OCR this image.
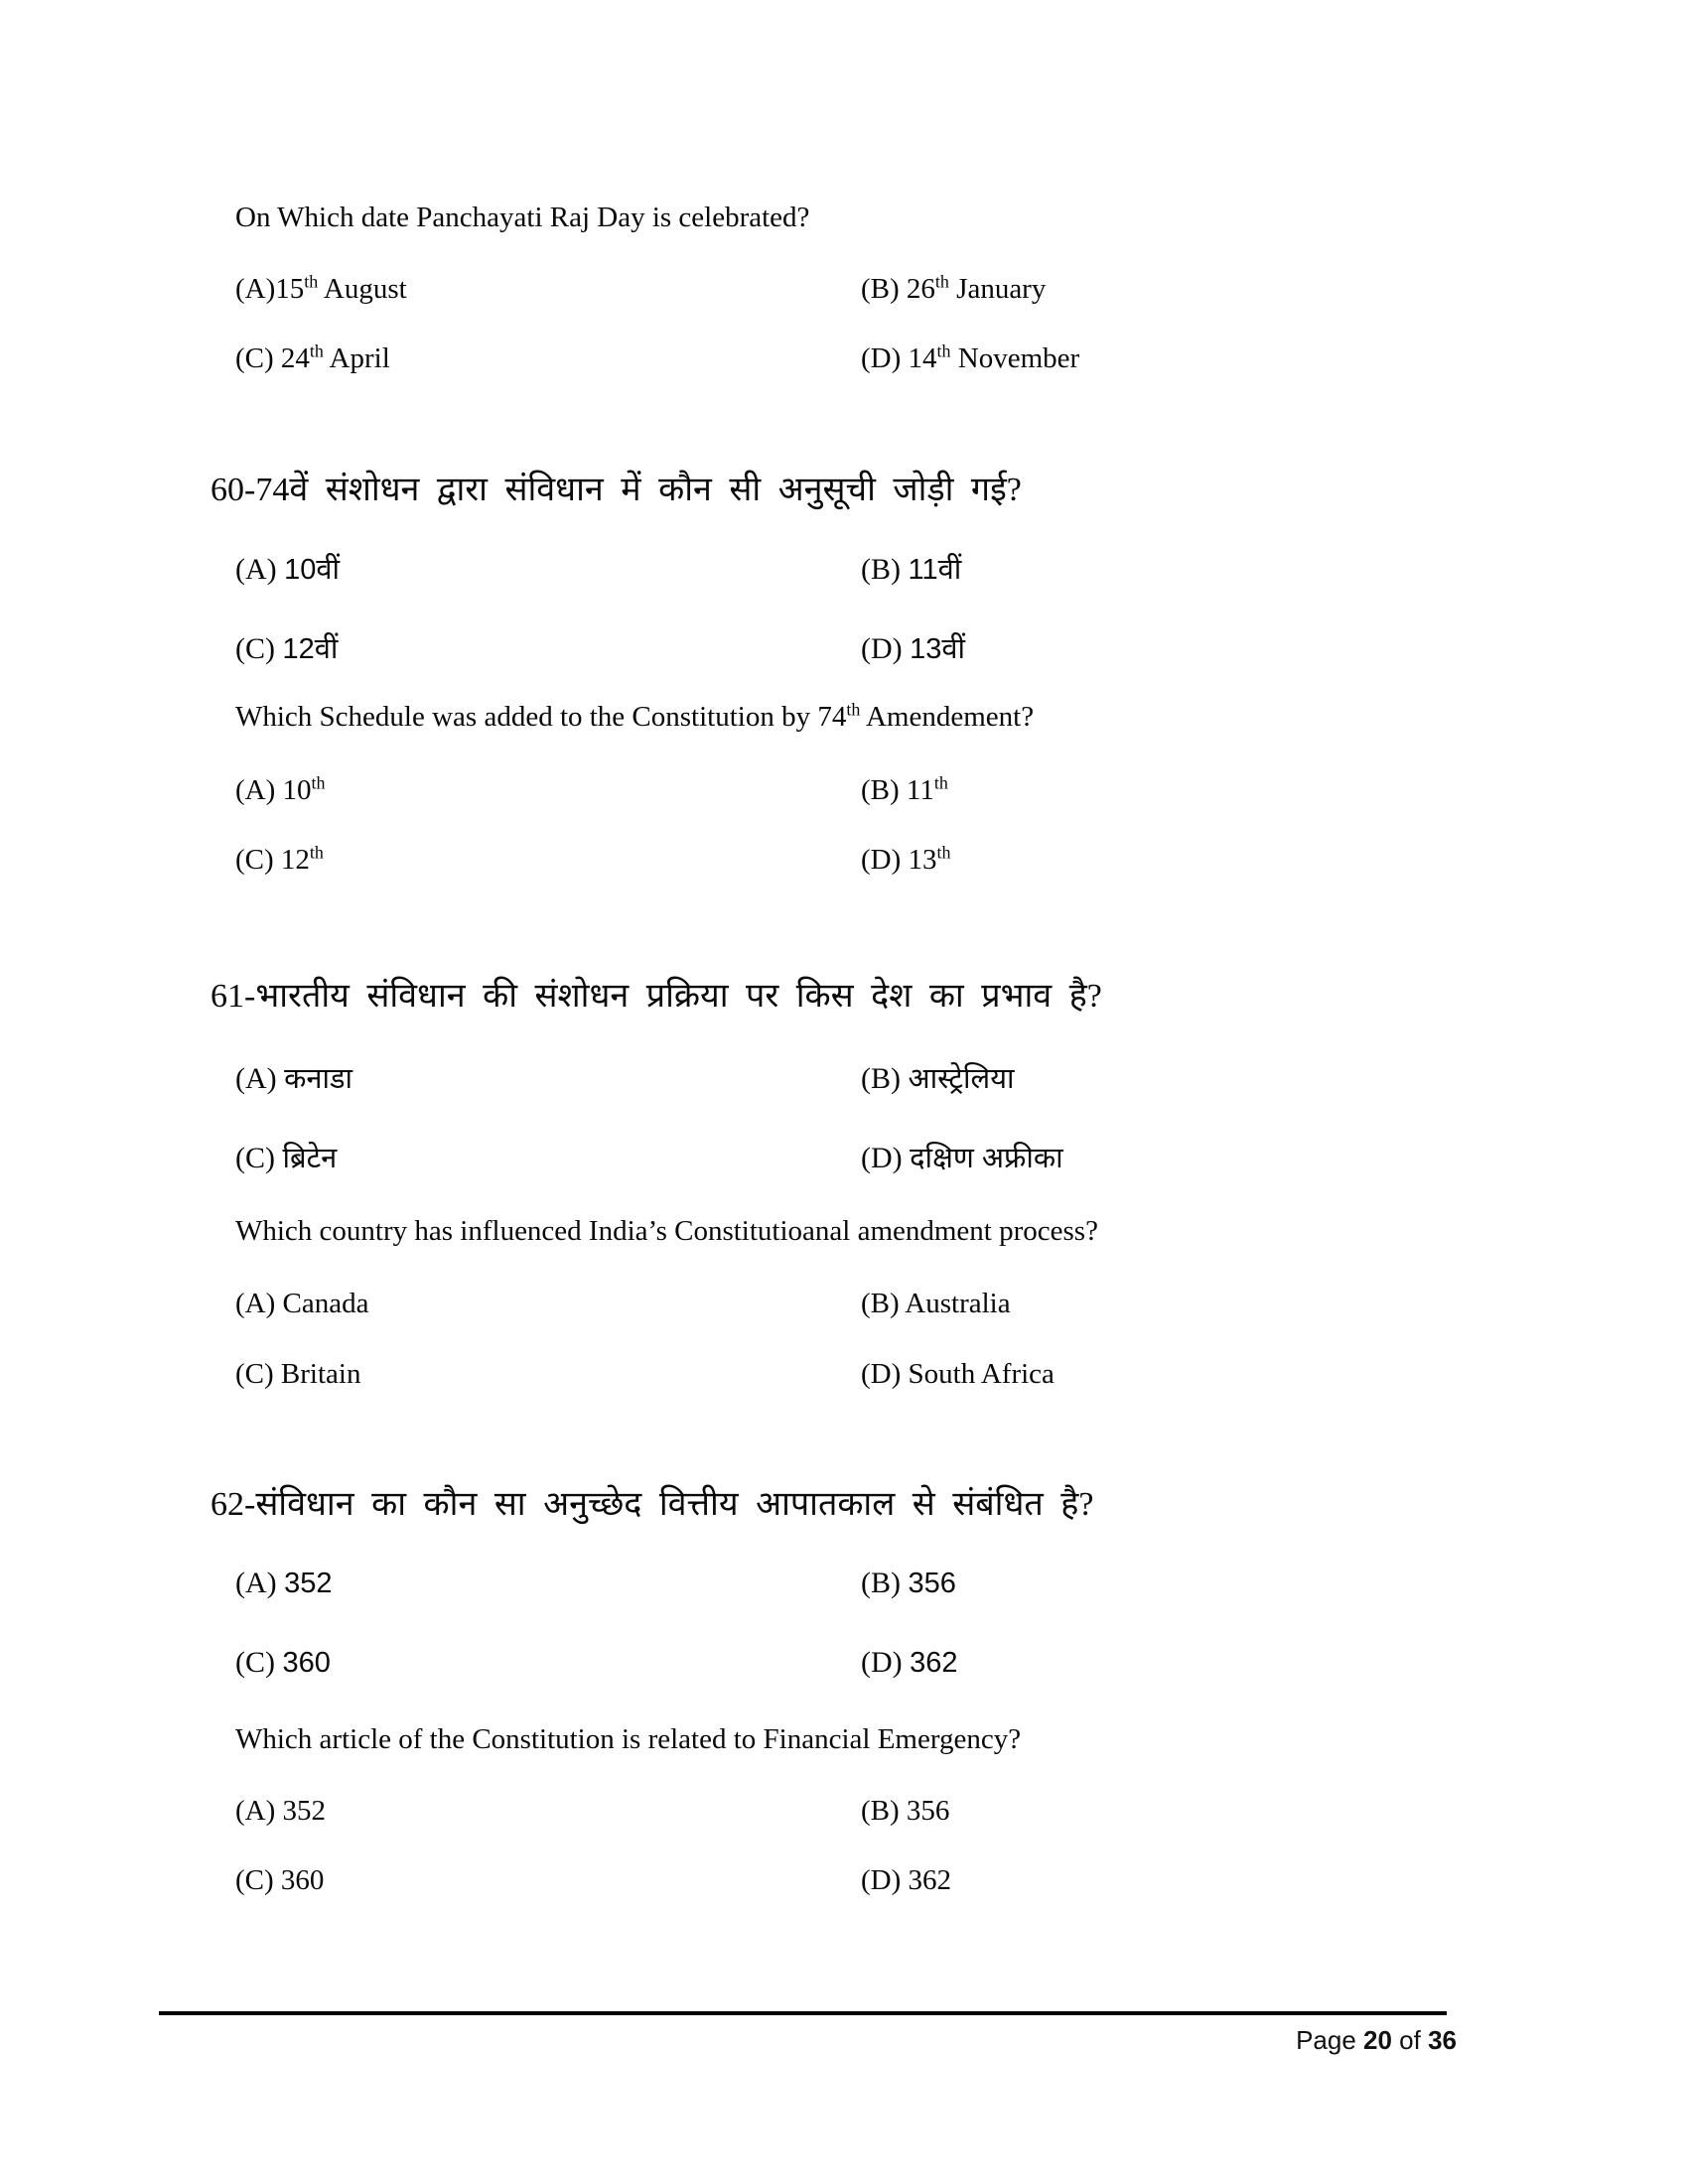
On Which date Panchayati Raj Day is celebrated?
(A)15th August	(B) 26th January
(C) 24th April	(D) 14th November
60-74वें संशोधन द्वारा संविधान में कौन सी अनुसूची जोड़ी गई?
(A) 10वीं	(B) 11वीं
(C) 12वीं	(D) 13वीं
Which Schedule was added to the Constitution by 74th Amendement?
(A) 10th	(B) 11th
(C) 12th	(D) 13th
61-भारतीय संविधान की संशोधन प्रक्रिया पर किस देश का प्रभाव है?
(A) कनाडा	(B) आस्ट्रेलिया
(C) ब्रिटेन	(D) दक्षिण अफ्रीका
Which country has influenced India’s Constitutioanal amendment process?
(A) Canada	(B) Australia
(C) Britain	(D) South Africa
62-संविधान का कौन सा अनुच्छेद वित्तीय आपातकाल से संबंधित है?
(A) 352	(B) 356
(C) 360	(D) 362
Which article of the Constitution is related to Financial Emergency?
(A) 352	(B) 356
(C) 360	(D) 362
Page 20 of 36
